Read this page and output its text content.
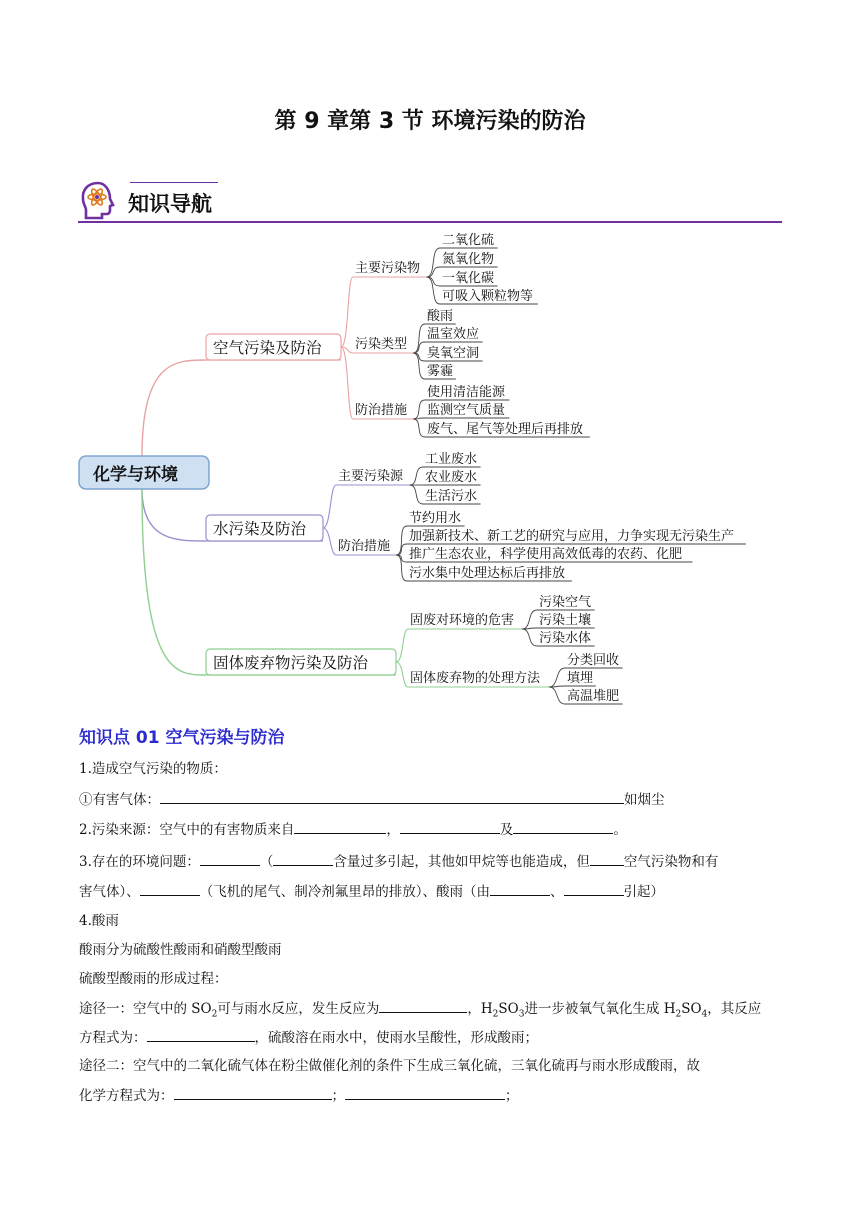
第 9 章第 3 节 环境污染的防治
知识导航
化学与环境
空气污染及防治
主要污染物
二氧化硫
氮氧化物
一氧化碳
可吸入颗粒物等
污染类型
酸雨
温室效应
臭氧空洞
雾霾
防治措施
使用清洁能源
监测空气质量
废气、尾气等处理后再排放
水污染及防治
主要污染源
工业废水
农业废水
生活污水
防治措施
节约用水
加强新技术、新工艺的研究与应用，力争实现无污染生产
推广生态农业，科学使用高效低毒的农药、化肥
污水集中处理达标后再排放
固体废弃物污染及防治
固废对环境的危害
污染空气
污染土壤
污染水体
固体废弃物的处理方法
分类回收
填埋
高温堆肥
知识点 01 空气污染与防治
1.造成空气污染的物质：
①有害气体：	如烟尘
2.污染来源：空气中的有害物质来自	，	及	。
3.存在的环境问题：	（	含量过多引起，其他如甲烷等也能造成，但	空气污染物和有
害气体）、	（飞机的尾气、制冷剂氟里昂的排放）、酸雨（由	、	引起）
4.酸雨
酸雨分为硫酸性酸雨和硝酸型酸雨
硫酸型酸雨的形成过程：
途径一：空气中的 $SO_2$可与雨水反应，发生反应为	，$H_2SO_3$进一步被氧气氧化生成 $H_2SO_4$，其反应
方程式为：	，硫酸溶在雨水中，使雨水呈酸性，形成酸雨；
途径二：空气中的二氧化硫气体在粉尘做催化剂的条件下生成三氧化硫，三氧化硫再与雨水形成酸雨，故
化学方程式为：	；	；
